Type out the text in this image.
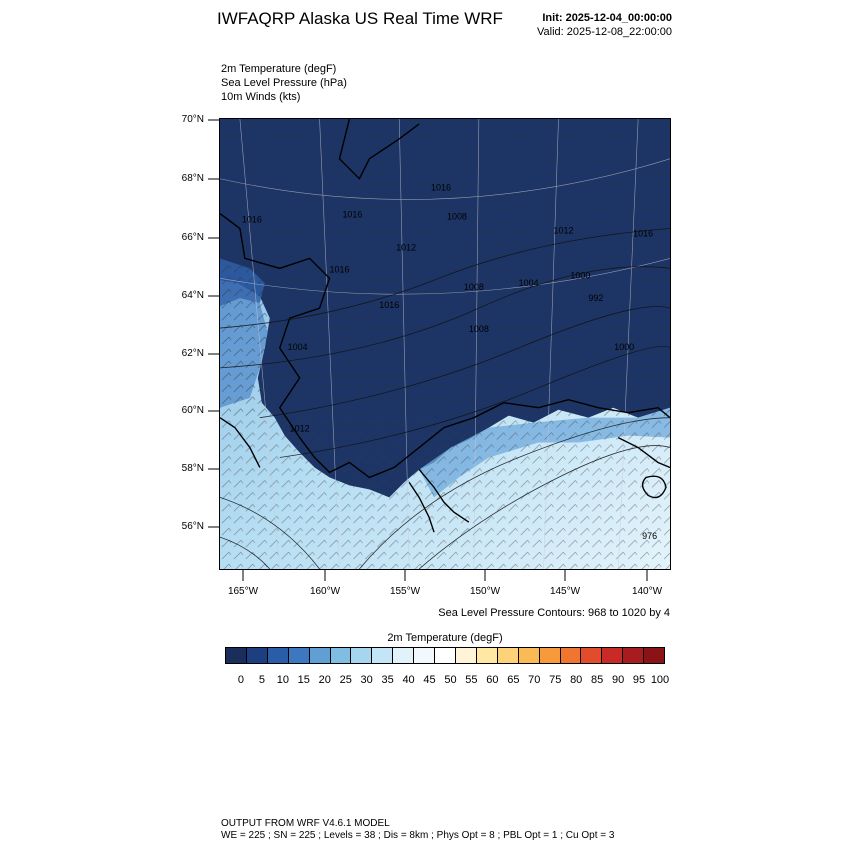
IWFAQRP Alaska US Real Time WRF	Init: 2025-12-04_00:00:00
Valid: 2025-12-08_22:00:00
2m Temperature (degF)
Sea Level Pressure (hPa)
10m Winds (kts)
1016
1016
1016	1008
1012
1016
1016
1012
1016
1008	1004
1000
992
1008
1000
1004
1012
976
70°N
68°N
66°N
64°N
62°N
60°N
58°N
56°N
165°W	160°W	155°W	150°W	145°W	140°W
Sea Level Pressure Contours: 968 to 1020 by 4
2m Temperature (degF)
0	5	10 15 20 25 30 35 40 45 50 55 60 65 70 75 80 85 90 95 100
OUTPUT FROM WRF V4.6.1 MODEL
WE = 225 ; SN = 225 ; Levels = 38 ; Dis = 8km ; Phys Opt = 8 ; PBL Opt = 1 ; Cu Opt = 3
